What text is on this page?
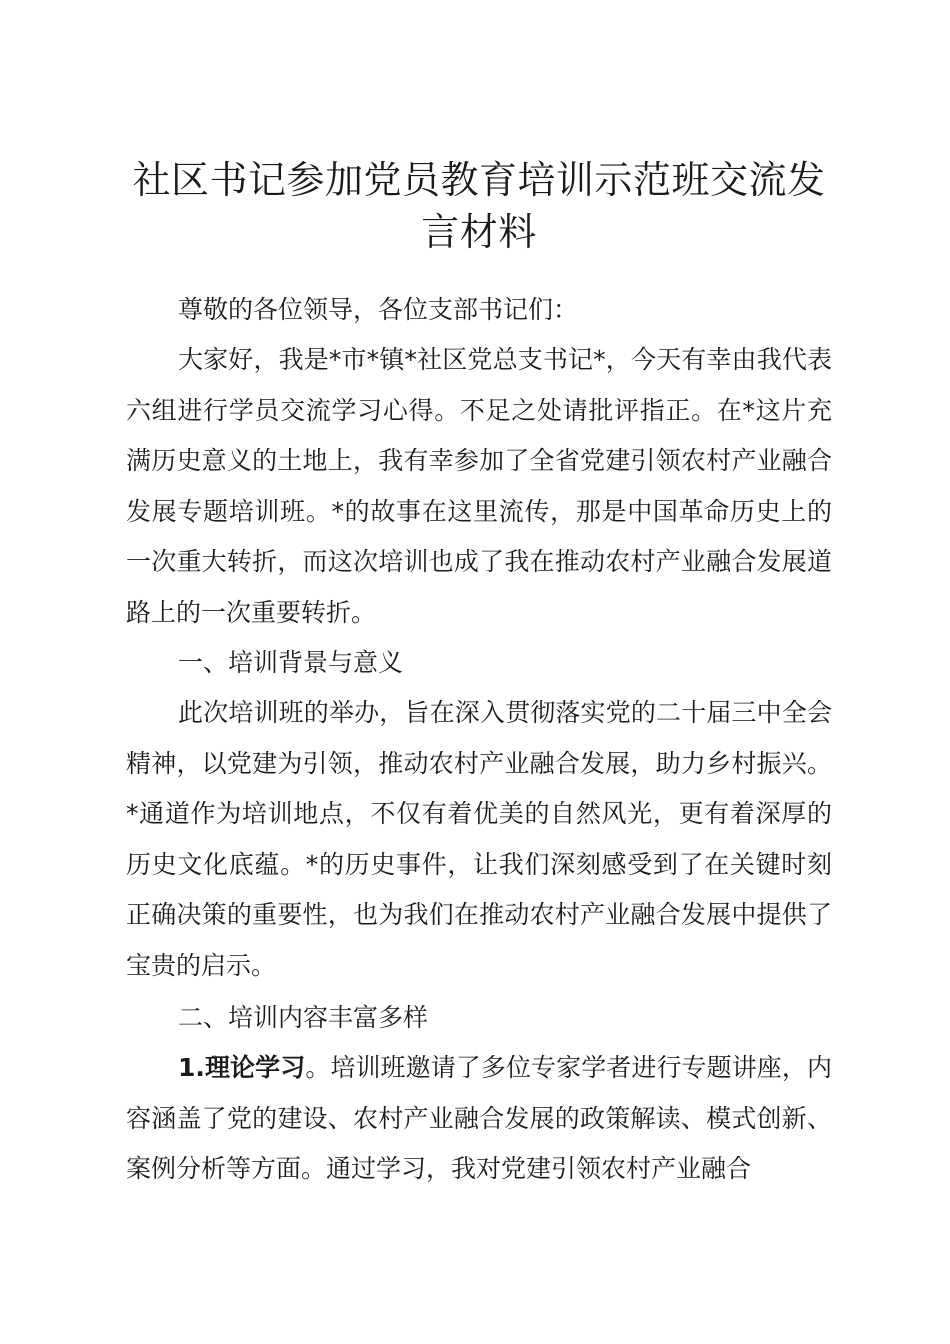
社区书记参加党员教育培训示范班交流发言材料

尊敬的各位领导，各位支部书记们：

大家好，我是*市*镇*社区党总支书记*，今天有幸由我代表六组进行学员交流学习心得。不足之处请批评指正。在*这片充满历史意义的土地上，我有幸参加了全省党建引领农村产业融合发展专题培训班。*的故事在这里流传，那是中国革命历史上的一次重大转折，而这次培训也成了我在推动农村产业融合发展道路上的一次重要转折。

一、培训背景与意义

此次培训班的举办，旨在深入贯彻落实党的二十届三中全会精神，以党建为引领，推动农村产业融合发展，助力乡村振兴。*通道作为培训地点，不仅有着优美的自然风光，更有着深厚的历史文化底蕴。*的历史事件，让我们深刻感受到了在关键时刻正确决策的重要性，也为我们在推动农村产业融合发展中提供了宝贵的启示。

二、培训内容丰富多样

1.理论学习。培训班邀请了多位专家学者进行专题讲座，内容涵盖了党的建设、农村产业融合发展的政策解读、模式创新、案例分析等方面。通过学习，我对党建引领农村产业融合
